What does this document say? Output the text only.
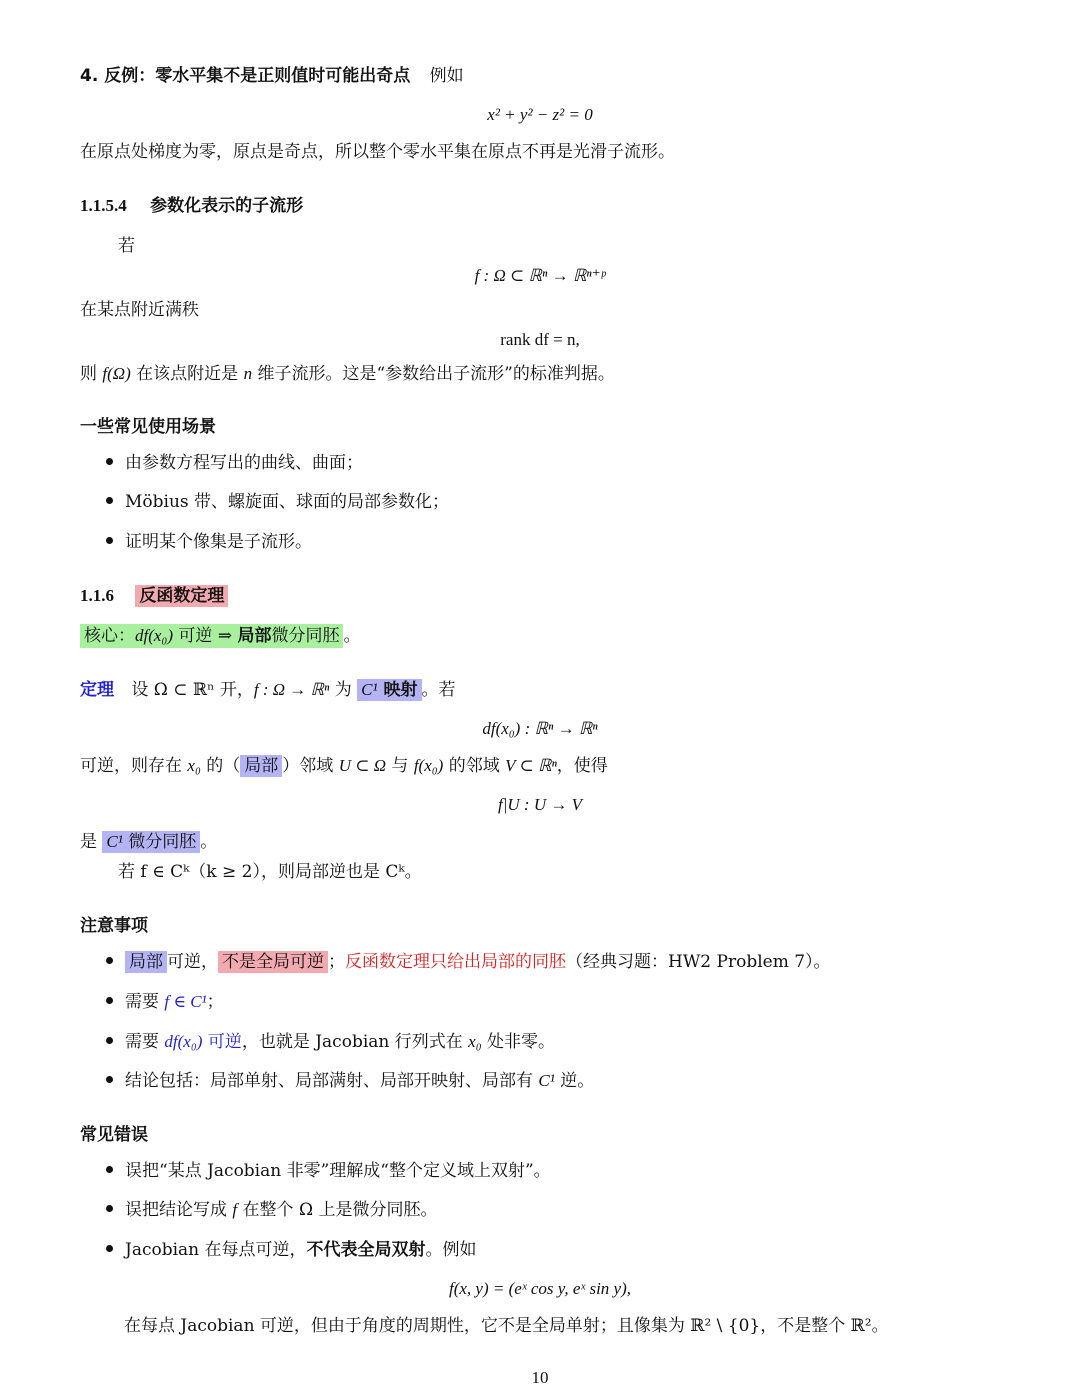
4. 反例：零水平集不是正则值时可能出奇点 例如
x² + y² − z² = 0
在原点处梯度为零，原点是奇点，所以整个零水平集在原点不再是光滑子流形。
1.1.5.4 参数化表示的子流形
若
f : Ω ⊂ ℝⁿ → ℝⁿ⁺ᵖ
在某点附近满秩
rank df = n,
则 f(Ω) 在该点附近是 n 维子流形。这是“参数给出子流形”的标准判据。
一些常见使用场景
由参数方程写出的曲线、曲面；
Möbius 带、螺旋面、球面的局部参数化；
证明某个像集是子流形。
1.1.6 反函数定理
核心：df(x₀) 可逆 ⇒ 局部微分同胚 。
定理 设 Ω ⊂ ℝⁿ 开，f : Ω → ℝⁿ 为 C¹ 映射 。若
df(x₀) : ℝⁿ → ℝⁿ
可逆，则存在 x₀ 的（ 局部 ）邻域 U ⊂ Ω 与 f(x₀) 的邻域 V ⊂ ℝⁿ，使得
f|U : U → V
是 C¹ 微分同胚 。
若 f ∈ Cᵏ（k ≥ 2），则局部逆也是 Cᵏ。
注意事项
局部 可逆， 不是全局可逆 ；反函数定理只给出局部的同胚（经典习题：HW2 Problem 7）。
需要 f ∈ C¹；
需要 df(x₀) 可逆，也就是 Jacobian 行列式在 x₀ 处非零。
结论包括：局部单射、局部满射、局部开映射、局部有 C¹ 逆。
常见错误
误把“某点 Jacobian 非零”理解成“整个定义域上双射”。
误把结论写成 f 在整个 Ω 上是微分同胚。
Jacobian 在每点可逆，不代表全局双射。例如
f(x, y) = (eˣ cos y, eˣ sin y),
在每点 Jacobian 可逆，但由于角度的周期性，它不是全局单射；且像集为 ℝ² \ {0}，不是整个 ℝ²。
10
